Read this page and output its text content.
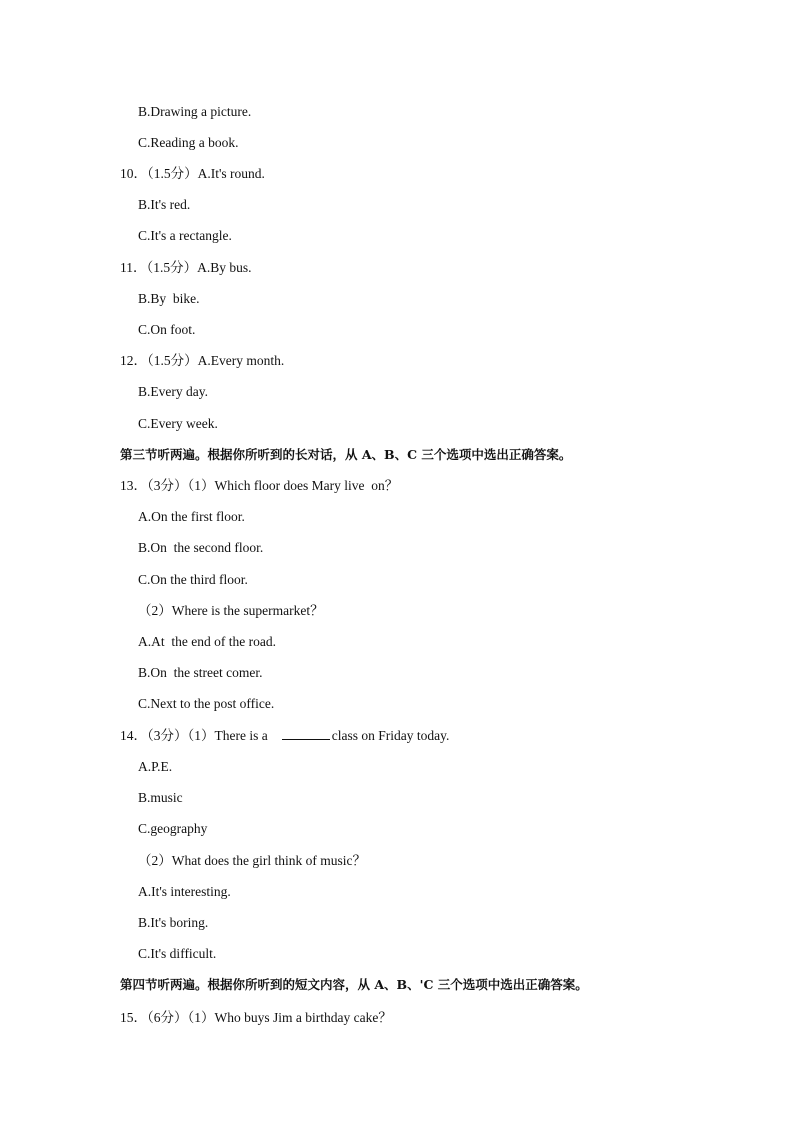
B.Drawing a picture.
C.Reading a book.
10．（1.5分）A.It's round.
B.It's red.
C.It's a rectangle.
11．（1.5分）A.By bus.
B.By  bike.
C.On foot.
12．（1.5分）A.Every month.
B.Every day.
C.Every week.
第三节听两遍。根据你所听到的长对话，从 A、B、C 三个选项中选出正确答案。
13．（3分）（1）Which floor does Mary live  on？
A.On the first floor.
B.On  the second floor.
C.On the third floor.
（2）Where is the supermarket？
A.At  the end of the road.
B.On  the street comer.
C.Next to the post office.
14．（3分）（1）There is a	class on Friday today.
A.P.E.
B.music
C.geography
（2）What does the girl think of music？
A.It's interesting.
B.It's boring.
C.It's difficult.
第四节听两遍。根据你所听到的短文内容，从 A、B、'C 三个选项中选出正确答案。
15．（6分）（1）Who buys Jim a birthday cake？
